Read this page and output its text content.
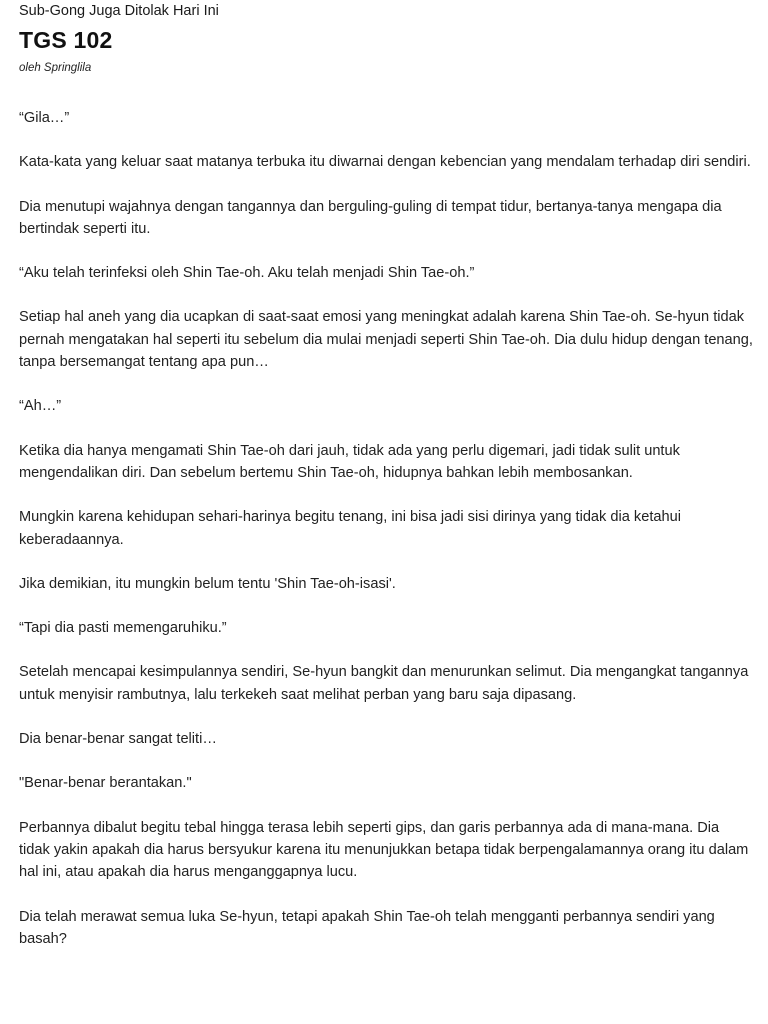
Sub-Gong Juga Ditolak Hari Ini
TGS 102
oleh Springlila

“Gila…”

Kata-kata yang keluar saat matanya terbuka itu diwarnai dengan kebencian yang mendalam terhadap diri sendiri.

Dia menutupi wajahnya dengan tangannya dan berguling-guling di tempat tidur, bertanya-tanya mengapa dia bertindak seperti itu.

“Aku telah terinfeksi oleh Shin Tae-oh. Aku telah menjadi Shin Tae-oh.”

Setiap hal aneh yang dia ucapkan di saat-saat emosi yang meningkat adalah karena Shin Tae-oh. Se-hyun tidak pernah mengatakan hal seperti itu sebelum dia mulai menjadi seperti Shin Tae-oh. Dia dulu hidup dengan tenang, tanpa bersemangat tentang apa pun…

“Ah…”

Ketika dia hanya mengamati Shin Tae-oh dari jauh, tidak ada yang perlu digemari, jadi tidak sulit untuk mengendalikan diri. Dan sebelum bertemu Shin Tae-oh, hidupnya bahkan lebih membosankan.

Mungkin karena kehidupan sehari-harinya begitu tenang, ini bisa jadi sisi dirinya yang tidak dia ketahui keberadaannya.

Jika demikian, itu mungkin belum tentu 'Shin Tae-oh-isasi'.

“Tapi dia pasti memengaruhiku.”

Setelah mencapai kesimpulannya sendiri, Se-hyun bangkit dan menurunkan selimut. Dia mengangkat tangannya untuk menyisir rambutnya, lalu terkekeh saat melihat perban yang baru saja dipasang.

Dia benar-benar sangat teliti…

"Benar-benar berantakan."

Perbannya dibalut begitu tebal hingga terasa lebih seperti gips, dan garis perbannya ada di mana-mana. Dia tidak yakin apakah dia harus bersyukur karena itu menunjukkan betapa tidak berpengalamannya orang itu dalam hal ini, atau apakah dia harus menganggapnya lucu.

Dia telah merawat semua luka Se-hyun, tetapi apakah Shin Tae-oh telah mengganti perbannya sendiri yang basah?
